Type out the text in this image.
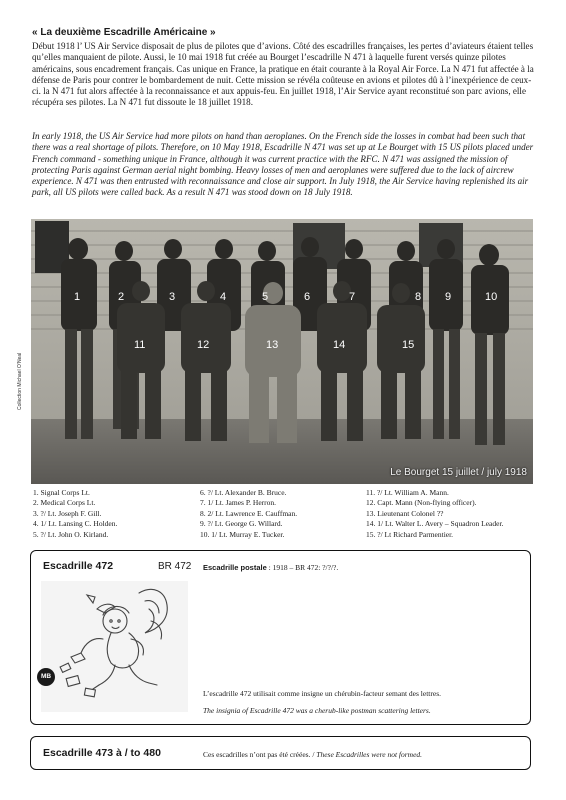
« La deuxième Escadrille Américaine »

Début 1918 l’ US Air Service disposait de plus de pilotes que d’avions. Côté des escadrilles françaises, les pertes d’aviateurs étaient telles qu’elles manquaient de pilote. Aussi, le 10 mai 1918 fut créée au Bourget l’escadrille N 471 à laquelle furent versés quinze pilotes américains, sous encadrement français. Cas unique en France, la pratique en était courante à la Royal Air Force. La N 471 fut affectée à la défense de Paris pour contrer le bombardement de nuit. Cette mission se révéla coûteuse en avions et pilotes dû à l’inexpérience de ceux-ci. la N 471 fut alors affectée à la reconnaissance et aux appuis-feu. En juillet 1918, l’Air Service ayant reconstitué son parc avions, elle récupéra ses pilotes. La N 471 fut dissoute le 18 juillet 1918.

In early 1918, the US Air Service had more pilots on hand than aeroplanes. On the French side the losses in combat had been such that there was a real shortage of pilots. Therefore, on 10 May 1918, Escadrille N 471 was set up at Le Bourget with 15 US pilots placed under French command - something unique in France, although it was current practice with the RFC. N 471 was assigned the mission of protecting Paris against German aerial night bombing. Heavy losses of men and aeroplanes were suffered due to the lack of aircrew experience. N 471 was then entrusted with reconnaissance and close air support. In July 1918, the Air Service having replenished its air park, all US pilots were called back. As a result N 471 was stood down on 18 July 1918.

1	2	3	4	5	6	7	8 9	10
11	12	13	14	15
Le Bourget 15 juillet / july 1918
Collection Michael O’Neal
1. Signal Corps Lt.
2. Medical Corps Lt.
3. ?/ Lt. Joseph F. Gill.
4. 1/ Lt. Lansing C. Holden.
5. ?/ Lt. John O. Kirland.
6. ?/ Lt. Alexander B. Bruce.
7. 1/ Lt. James P. Herron.
8. 2/ Lt. Lawrence E. Cauffman.
9. ?/ Lt. George G. Willard.
10. 1/ Lt. Murray E. Tucker.
11. ?/ Lt. William A. Mann.
12. Capt. Mann (Non-flying officer).
13. Lieutenant Colonel ??
14. 1/ Lt. Walter L. Avery – Squadron Leader.
15. ?/ Lt Richard Parmentier.
Escadrille 472	BR 472 Escadrille postale : 1918 – BR 472: ?/?/?.
MB
L’escadrille 472 utilisait comme insigne un chérubin-facteur semant des lettres.
The insignia of Escadrille 472 was a cherub-like postman scattering letters.
Escadrille 473 à / to 480	Ces escadrilles n’ont pas été créées. / These Escadrilles were not formed.
